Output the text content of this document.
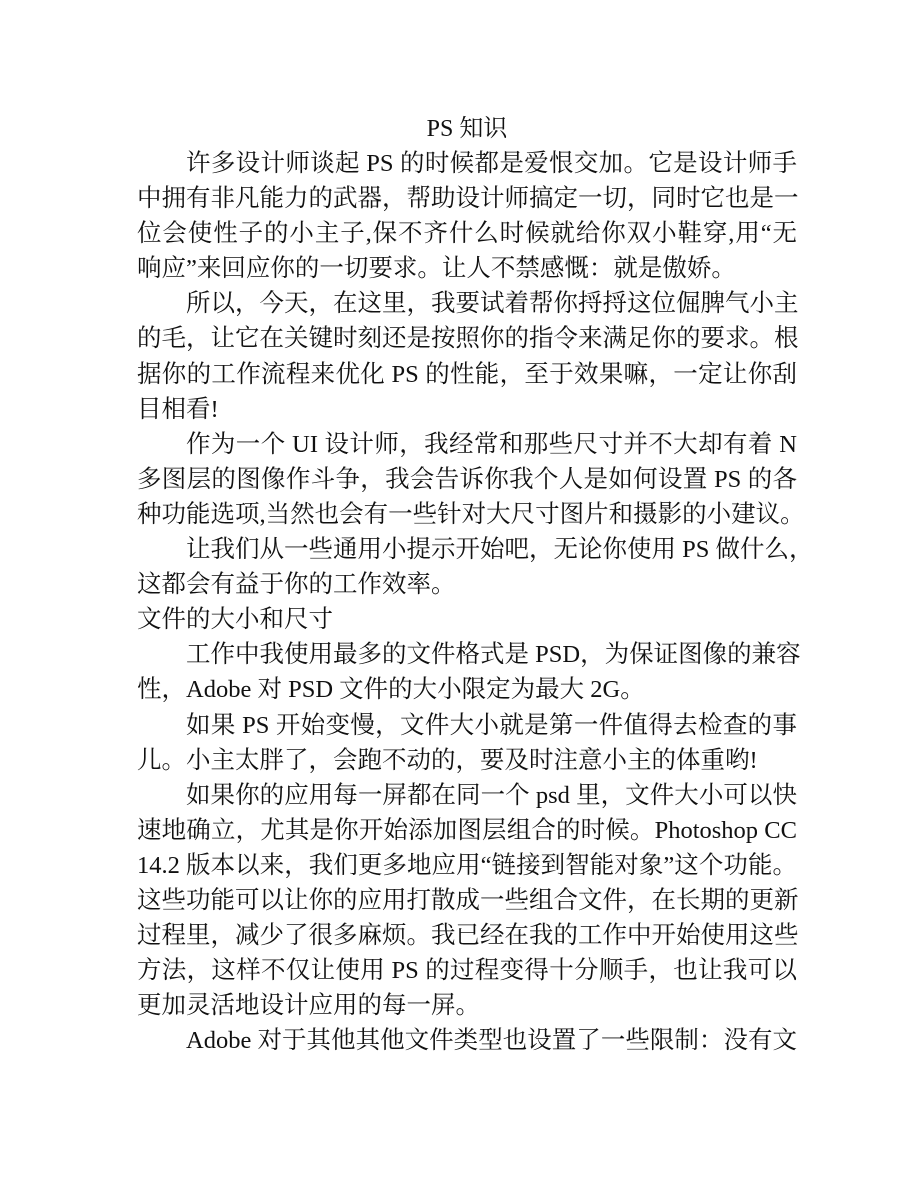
PS 知识
许多设计师谈起 PS 的时候都是爱恨交加。它是设计师手
中拥有非凡能力的武器，帮助设计师搞定一切，同时它也是一
位会使性子的小主子,保不齐什么时候就给你双小鞋穿,用“无
响应”来回应你的一切要求。让人不禁感慨：就是傲娇。
所以，今天，在这里，我要试着帮你捋捋这位倔脾气小主
的毛，让它在关键时刻还是按照你的指令来满足你的要求。根
据你的工作流程来优化 PS 的性能，至于效果嘛，一定让你刮
目相看!
作为一个 UI 设计师，我经常和那些尺寸并不大却有着 N
多图层的图像作斗争，我会告诉你我个人是如何设置 PS 的各
种功能选项,当然也会有一些针对大尺寸图片和摄影的小建议。
让我们从一些通用小提示开始吧，无论你使用 PS 做什么，
这都会有益于你的工作效率。
文件的大小和尺寸
工作中我使用最多的文件格式是 PSD，为保证图像的兼容
性，Adobe 对 PSD 文件的大小限定为最大 2G。
如果 PS 开始变慢，文件大小就是第一件值得去检查的事
儿。小主太胖了，会跑不动的，要及时注意小主的体重哟!
如果你的应用每一屏都在同一个 psd 里，文件大小可以快
速地确立，尤其是你开始添加图层组合的时候。Photoshop CC
14.2 版本以来，我们更多地应用“链接到智能对象”这个功能。
这些功能可以让你的应用打散成一些组合文件，在长期的更新
过程里，减少了很多麻烦。我已经在我的工作中开始使用这些
方法，这样不仅让使用 PS 的过程变得十分顺手，也让我可以
更加灵活地设计应用的每一屏。
Adobe 对于其他其他文件类型也设置了一些限制：没有文
